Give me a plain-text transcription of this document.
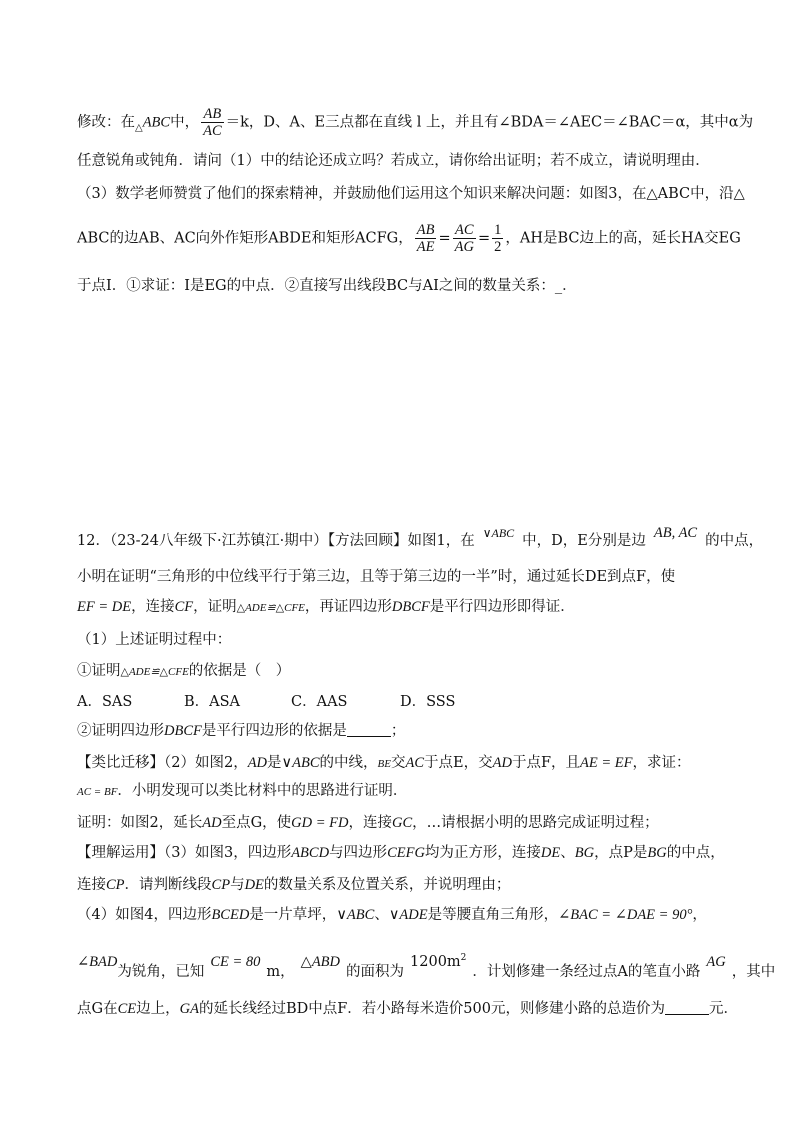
修改：在$_\triangle$ABC中， $\frac{AB}{AC} =k$，D、A、E三点都在直线 l 上，并且有∠BDA＝∠AEC＝∠BAC＝α，其中α为
任意锐角或钝角．请问（1）中的结论还成立吗？若成立，请你给出证明；若不成立，请说明理由．
（3）数学老师赞赏了他们的探索精神，并鼓励他们运用这个知识来解决问题：如图3，在△ABC中，沿△
ABC的边AB、AC向外作矩形ABDE和矩形ACFG， $\frac{AB}{AE} = \frac{AC}{AG} = \frac{1}{2}$ ，AH是BC边上的高，延长HA交EG
于点I．①求证：I是EG的中点．②直接写出线段BC与AI之间的数量关系：_．
12．（23-24八年级下·江苏镇江·期中）【方法回顾】如图1，在 $^{\vee ABC}$ 中，D，E分别是边 AB, AC 的中点，
小明在证明“三角形的中位线平行于第三边，且等于第三边的一半”时，通过延长DE到点F，使
EF = DE，连接CF，证明△ADE≌△CFE，再证四边形DBCF是平行四边形即得证．
（1）上述证明过程中：
①证明△ADE≌△CFE的依据是（　）
A．SAS	B．ASA	C．AAS	D．SSS
②证明四边形DBCF是平行四边形的依据是	；
【类比迁移】（2）如图2，AD是∨ABC的中线，BE交AC于点E，交AD于点F，且AE = EF，求证：
AC = BF．小明发现可以类比材料中的思路进行证明．
证明：如图2，延长AD至点G，使GD = FD，连接GC，…请根据小明的思路完成证明过程；
【理解运用】（3）如图3，四边形ABCD与四边形CEFG均为正方形，连接DE、BG，点P是BG的中点，
连接CP．请判断线段CP与DE的数量关系及位置关系，并说明理由；
（4）如图4，四边形BCED是一片草坪，∨ABC、∨ADE是等腰直角三角形，∠BAC = ∠DAE = 90°，
∠BAD为锐角，已知CE = 80m，△ABD的面积为$1200m^2$．计划修建一条经过点A的笔直小路AG，其中
点G在CE边上，GA的延长线经过BD中点F．若小路每米造价500元，则修建小路的总造价为	元．
